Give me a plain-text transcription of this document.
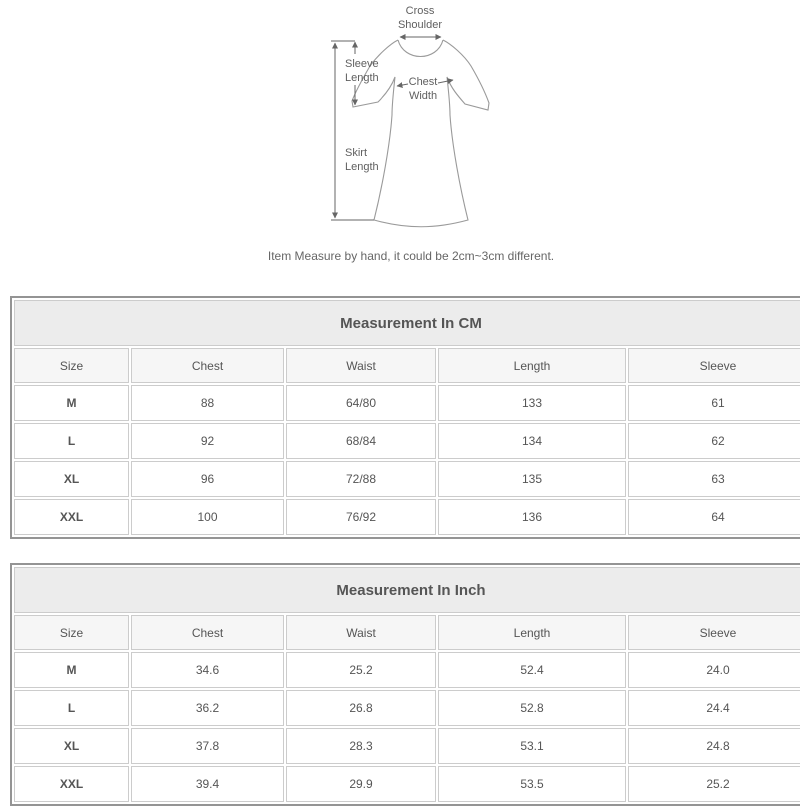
Cross
Shoulder
Sleeve
Length	Chest
Width
Skirt
Length
Item Measure by hand, it could be 2cm~3cm different.
Measurement In CM				
Size	Chest	Waist	Length	Sleeve
M	88	64/80	133	61
L	92	68/84	134	62
XL	96	72/88	135	63
XXL	100	76/92	136	64
Measurement In Inch				
Size	Chest	Waist	Length	Sleeve
M	34.6	25.2	52.4	24.0
L	36.2	26.8	52.8	24.4
XL	37.8	28.3	53.1	24.8
XXL	39.4	29.9	53.5	25.2
